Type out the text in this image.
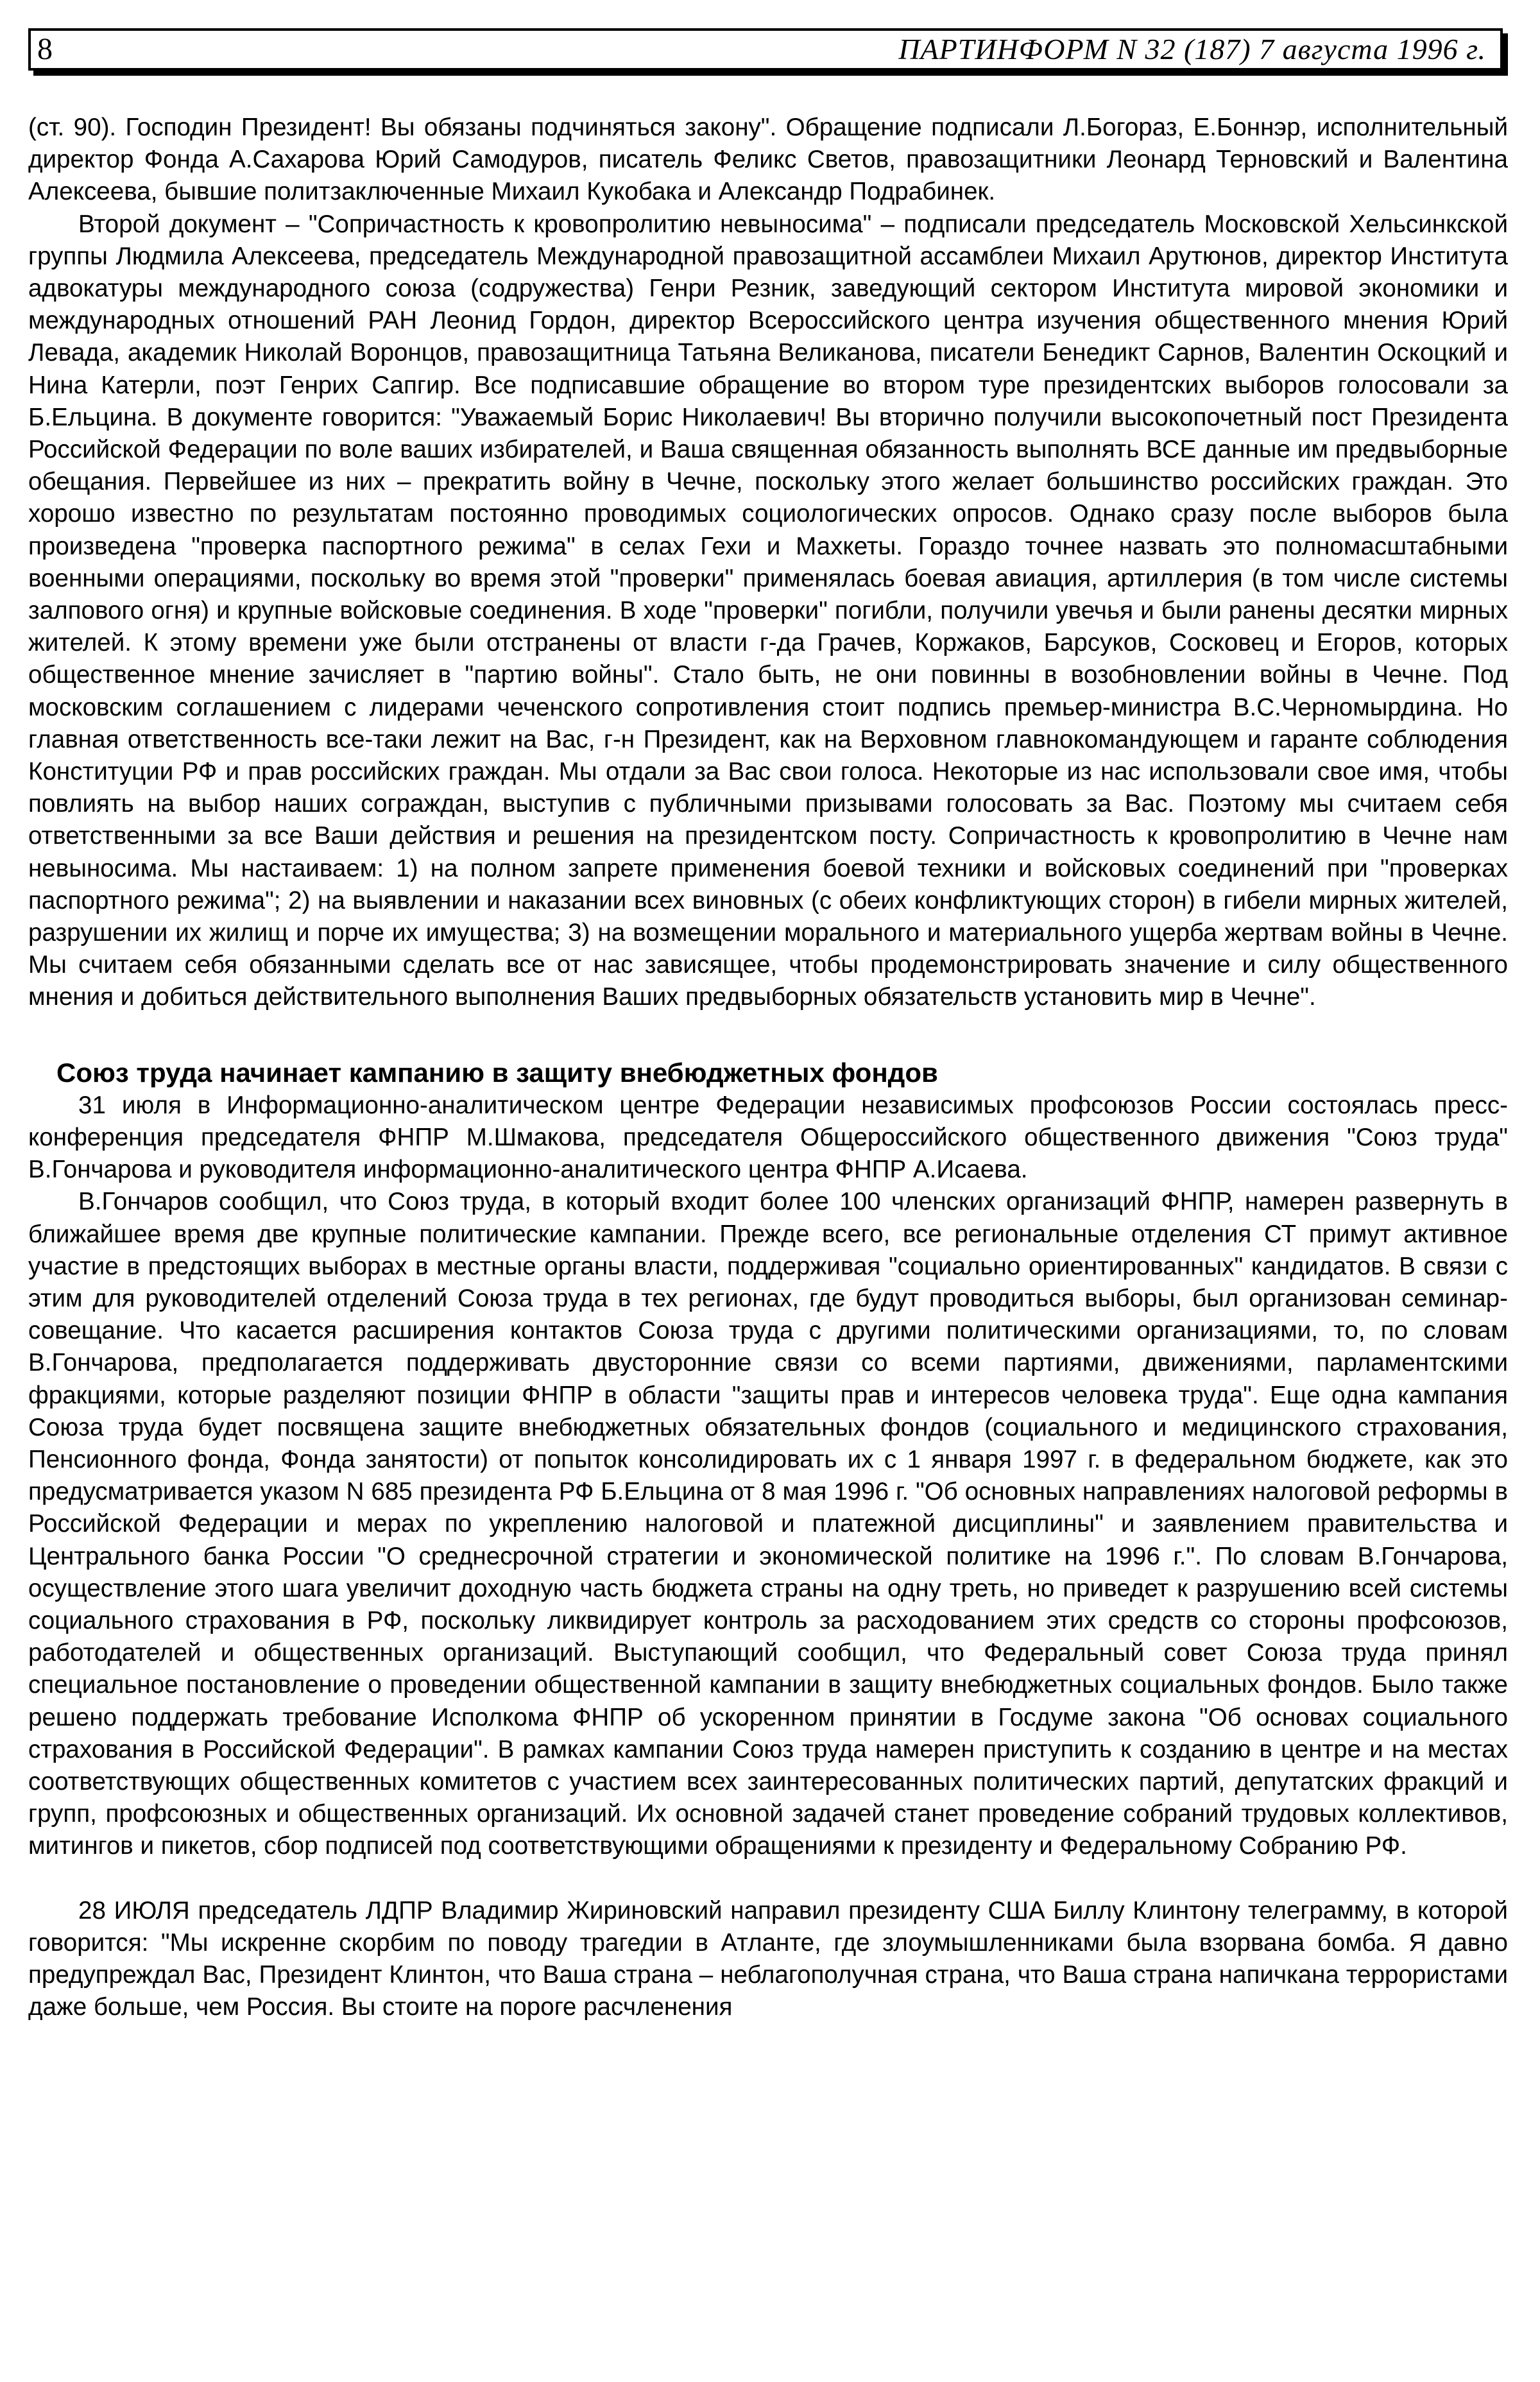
8	ПАРТИНФОРМ N 32 (187) 7 августа 1996 г.

(ст. 90). Господин Президент! Вы обязаны подчиняться закону". Обращение подписали Л.Богораз, Е.Боннэр, исполнительный директор Фонда А.Сахарова Юрий Самодуров, писатель Феликс Светов, правозащитники Леонард Терновский и Валентина Алексеева, бывшие политзаключенные Михаил Кукобака и Александр Подрабинек.

Второй документ – "Сопричастность к кровопролитию невыносима" – подписали председатель Московской Хельсинкской группы Людмила Алексеева, председатель Международной правозащитной ассамблеи Михаил Арутюнов, директор Института адвокатуры международного союза (содружества) Генри Резник, заведующий сектором Института мировой экономики и международных отношений РАН Леонид Гордон, директор Всероссийского центра изучения общественного мнения Юрий Левада, академик Николай Воронцов, правозащитница Татьяна Великанова, писатели Бенедикт Сарнов, Валентин Оскоцкий и Нина Катерли, поэт Генрих Сапгир. Все подписавшие обращение во втором туре президентских выборов голосовали за Б.Ельцина. В документе говорится: "Уважаемый Борис Николаевич! Вы вторично получили высокопочетный пост Президента Российской Федерации по воле ваших избирателей, и Ваша священная обязанность выполнять ВСЕ данные им предвыборные обещания. Первейшее из них – прекратить войну в Чечне, поскольку этого желает большинство российских граждан. Это хорошо известно по результатам постоянно проводимых социологических опросов. Однако сразу после выборов была произведена "проверка паспортного режима" в селах Гехи и Махкеты. Гораздо точнее назвать это полномасштабными военными операциями, поскольку во время этой "проверки" применялась боевая авиация, артиллерия (в том числе системы залпового огня) и крупные войсковые соединения. В ходе "проверки" погибли, получили увечья и были ранены десятки мирных жителей. К этому времени уже были отстранены от власти г-да Грачев, Коржаков, Барсуков, Сосковец и Егоров, которых общественное мнение зачисляет в "партию войны". Стало быть, не они повинны в возобновлении войны в Чечне. Под московским соглашением с лидерами чеченского сопротивления стоит подпись премьер-министра В.С.Черномырдина. Но главная ответственность все-таки лежит на Вас, г-н Президент, как на Верховном главнокомандующем и гаранте соблюдения Конституции РФ и прав российских граждан. Мы отдали за Вас свои голоса. Некоторые из нас использовали свое имя, чтобы повлиять на выбор наших сограждан, выступив с публичными призывами голосовать за Вас. Поэтому мы считаем себя ответственными за все Ваши действия и решения на президентском посту. Сопричастность к кровопролитию в Чечне нам невыносима. Мы настаиваем: 1) на полном запрете применения боевой техники и войсковых соединений при "проверках паспортного режима"; 2) на выявлении и наказании всех виновных (с обеих конфликтующих сторон) в гибели мирных жителей, разрушении их жилищ и порче их имущества; 3) на возмещении морального и материального ущерба жертвам войны в Чечне. Мы считаем себя обязанными сделать все от нас зависящее, чтобы продемонстрировать значение и силу общественного мнения и добиться действительного выполнения Ваших предвыборных обязательств установить мир в Чечне".

Союз труда начинает кампанию в защиту внебюджетных фондов

31 июля в Информационно-аналитическом центре Федерации независимых профсоюзов России состоялась пресс-конференция председателя ФНПР М.Шмакова, председателя Общероссийского общественного движения "Союз труда" В.Гончарова и руководителя информационно-аналитического центра ФНПР А.Исаева.

В.Гончаров сообщил, что Союз труда, в который входит более 100 членских организаций ФНПР, намерен развернуть в ближайшее время две крупные политические кампании. Прежде всего, все региональные отделения СТ примут активное участие в предстоящих выборах в местные органы власти, поддерживая "социально ориентированных" кандидатов. В связи с этим для руководителей отделений Союза труда в тех регионах, где будут проводиться выборы, был организован семинар-совещание. Что касается расширения контактов Союза труда с другими политическими организациями, то, по словам В.Гончарова, предполагается поддерживать двусторонние связи со всеми партиями, движениями, парламентскими фракциями, которые разделяют позиции ФНПР в области "защиты прав и интересов человека труда". Еще одна кампания Союза труда будет посвящена защите внебюджетных обязательных фондов (социального и медицинского страхования, Пенсионного фонда, Фонда занятости) от попыток консолидировать их с 1 января 1997 г. в федеральном бюджете, как это предусматривается указом N 685 президента РФ Б.Ельцина от 8 мая 1996 г. "Об основных направлениях налоговой реформы в Российской Федерации и мерах по укреплению налоговой и платежной дисциплины" и заявлением правительства и Центрального банка России "О среднесрочной стратегии и экономической политике на 1996 г.". По словам В.Гончарова, осуществление этого шага увеличит доходную часть бюджета страны на одну треть, но приведет к разрушению всей системы социального страхования в РФ, поскольку ликвидирует контроль за расходованием этих средств со стороны профсоюзов, работодателей и общественных организаций. Выступающий сообщил, что Федеральный совет Союза труда принял специальное постановление о проведении общественной кампании в защиту внебюджетных социальных фондов. Было также решено поддержать требование Исполкома ФНПР об ускоренном принятии в Госдуме закона "Об основах социального страхования в Российской Федерации". В рамках кампании Союз труда намерен приступить к созданию в центре и на местах соответствующих общественных комитетов с участием всех заинтересованных политических партий, депутатских фракций и групп, профсоюзных и общественных организаций. Их основной задачей станет проведение собраний трудовых коллективов, митингов и пикетов, сбор подписей под соответствующими обращениями к президенту и Федеральному Собранию РФ.

28 ИЮЛЯ председатель ЛДПР Владимир Жириновский направил президенту США Биллу Клинтону телеграмму, в которой говорится: "Мы искренне скорбим по поводу трагедии в Атланте, где злоумышленниками была взорвана бомба. Я давно предупреждал Вас, Президент Клинтон, что Ваша страна – неблагополучная страна, что Ваша страна напичкана террористами даже больше, чем Россия. Вы стоите на пороге расчленения
